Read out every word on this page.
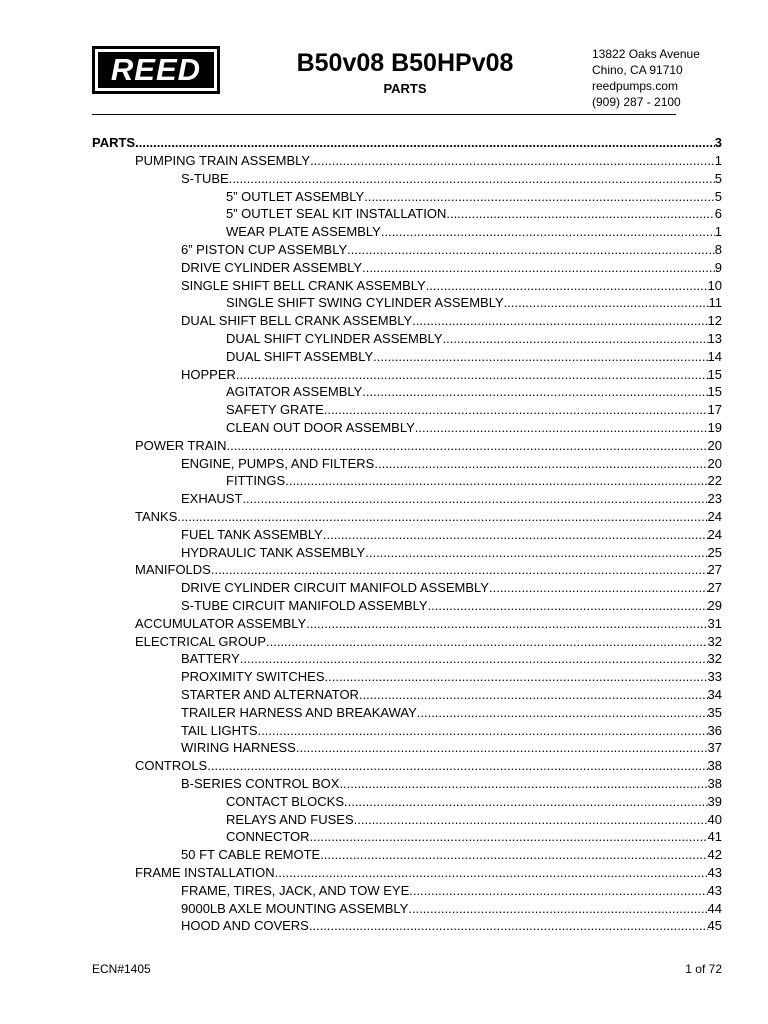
REED	B50v08 B50HPv08
PARTS
13822 Oaks Avenue
Chino, CA 91710
reedpumps.com
(909) 287 - 2100
PARTS .....	3
PUMPING TRAIN ASSEMBLY .....	1
S-TUBE .....	5
5” OUTLET ASSEMBLY .....	5
5” OUTLET SEAL KIT INSTALLATION .....	6
WEAR PLATE ASSEMBLY .....	1
6” PISTON CUP ASSEMBLY .....	8
DRIVE CYLINDER ASSEMBLY .....	9
SINGLE SHIFT BELL CRANK ASSEMBLY .....	10
SINGLE SHIFT SWING CYLINDER ASSEMBLY .....	11
DUAL SHIFT BELL CRANK ASSEMBLY .....	12
DUAL SHIFT CYLINDER ASSEMBLY .....	13
DUAL SHIFT ASSEMBLY .....	14
HOPPER .....	15
AGITATOR ASSEMBLY .....	15
SAFETY GRATE .....	17
CLEAN OUT DOOR ASSEMBLY .....	19
POWER TRAIN .....	20
ENGINE, PUMPS, AND FILTERS .....	20
FITTINGS .....	22
EXHAUST .....	23
TANKS .....	24
FUEL TANK ASSEMBLY .....	24
HYDRAULIC TANK ASSEMBLY .....	25
MANIFOLDS .....	27
DRIVE CYLINDER CIRCUIT MANIFOLD ASSEMBLY .....	27
S-TUBE CIRCUIT MANIFOLD ASSEMBLY .....	29
ACCUMULATOR ASSEMBLY .....	31
ELECTRICAL GROUP .....	32
BATTERY .....	32
PROXIMITY SWITCHES .....	33
STARTER AND ALTERNATOR .....	34
TRAILER HARNESS AND BREAKAWAY .....	35
TAIL LIGHTS .....	36
WIRING HARNESS .....	37
CONTROLS .....	38
B-SERIES CONTROL BOX .....	38
CONTACT BLOCKS .....	39
RELAYS AND FUSES .....	40
CONNECTOR .....	41
50 FT CABLE REMOTE .....	42
FRAME INSTALLATION .....	43
FRAME, TIRES, JACK, AND TOW EYE .....	43
9000LB AXLE MOUNTING ASSEMBLY .....	44
HOOD AND COVERS .....	45
ECN#1405	1 of 72
